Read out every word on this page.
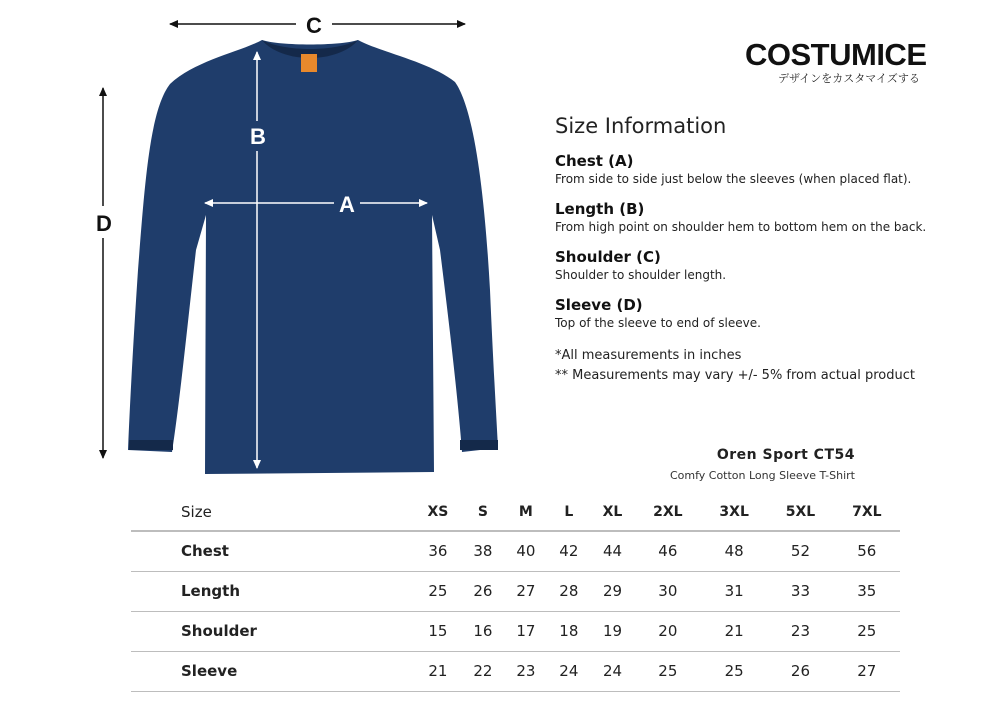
C
D
B
A
COSTUMICE
デザインをカスタマイズする
Size Information
Chest (A)
From side to side just below the sleeves (when placed flat).
Length (B)
From high point on shoulder hem to bottom hem on the back.
Shoulder (C)
Shoulder to shoulder length.
Sleeve (D)
Top of the sleeve to end of sleeve.
*All measurements in inches
** Measurements may vary +/- 5% from actual product
Oren Sport CT54
Comfy Cotton Long Sleeve T-Shirt
Size	XS	S	M	L	XL	2XL	3XL	5XL	7XL
Chest	36	38	40	42	44	46	48	52	56
Length	25	26	27	28	29	30	31	33	35
Shoulder	15	16	17	18	19	20	21	23	25
Sleeve	21	22	23	24	24	25	25	26	27
